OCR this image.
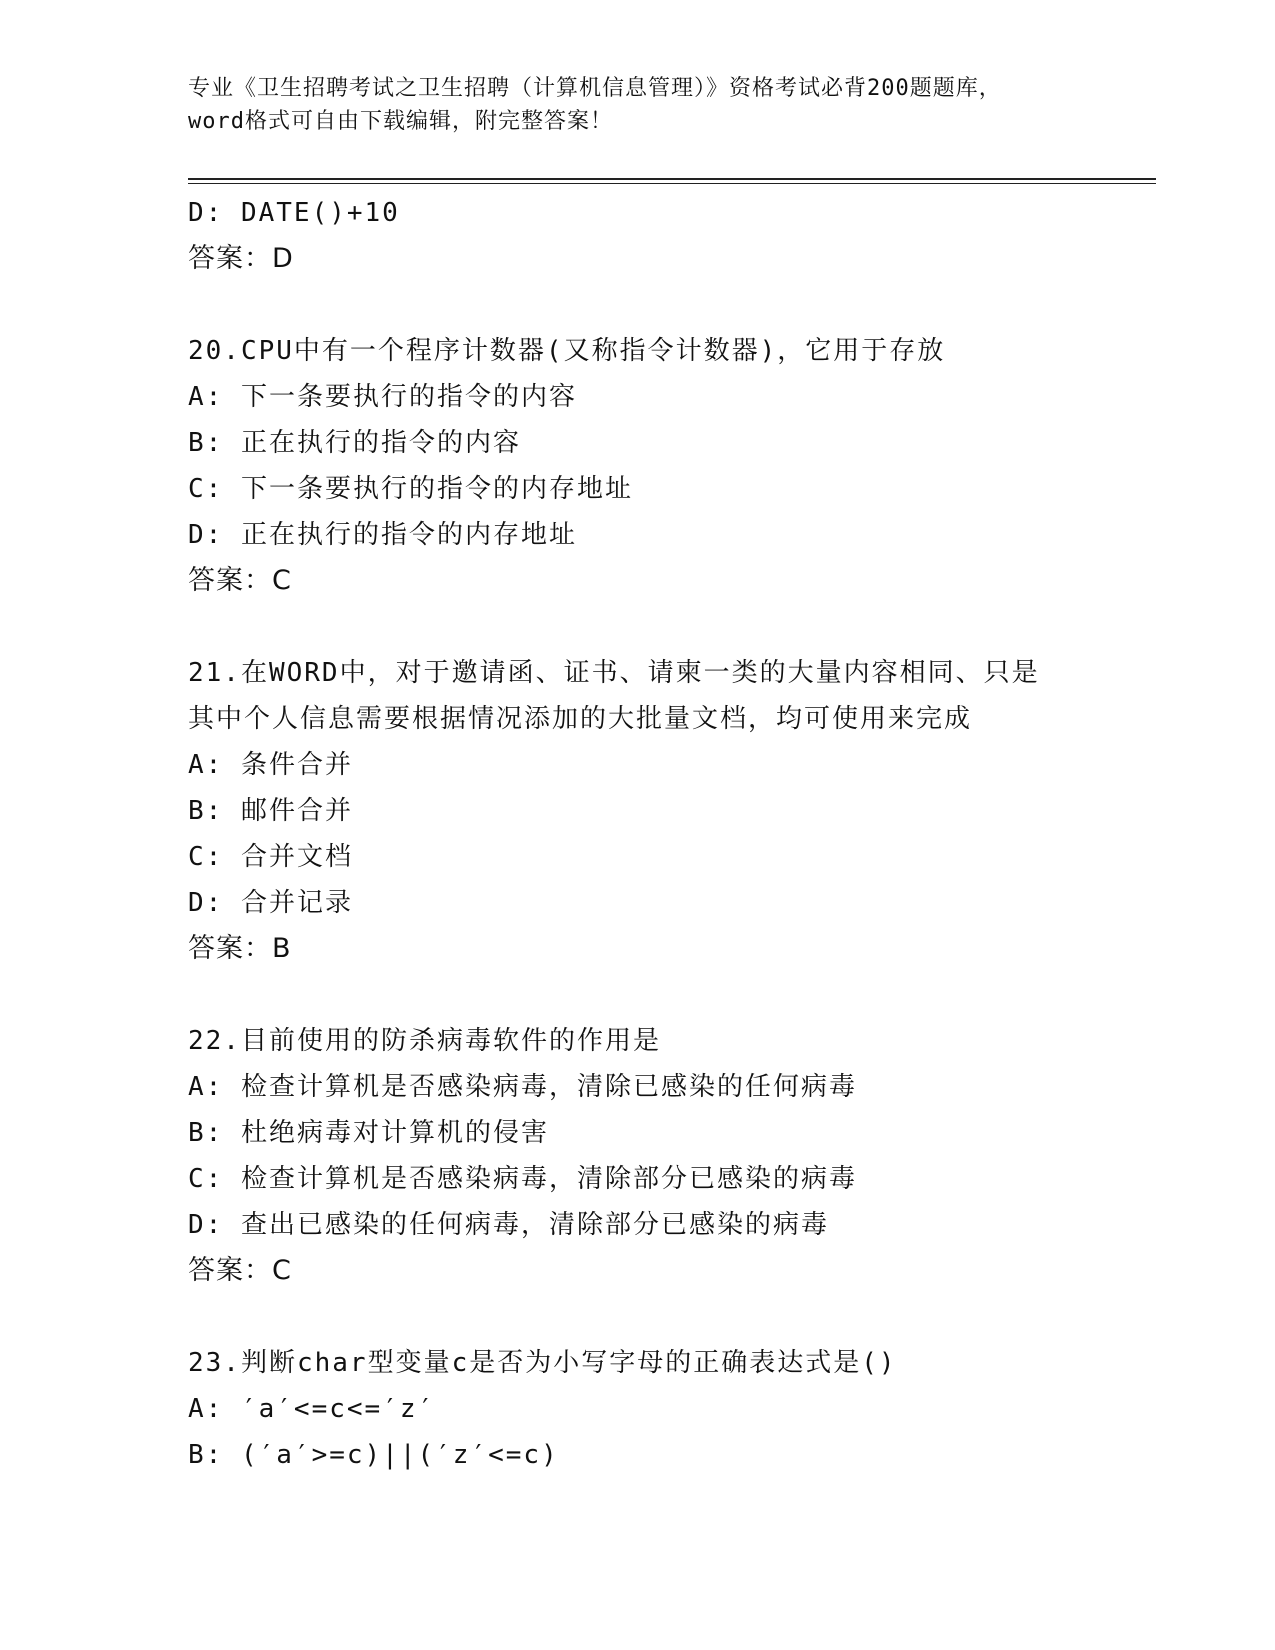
专业《卫生招聘考试之卫生招聘（计算机信息管理）》资格考试必背200题题库，
word格式可自由下载编辑，附完整答案！
D: DATE()+10
答案：D
20.CPU中有一个程序计数器(又称指令计数器)，它用于存放
A: 下一条要执行的指令的内容
B: 正在执行的指令的内容
C: 下一条要执行的指令的内存地址
D: 正在执行的指令的内存地址
答案：C
21.在WORD中，对于邀请函、证书、请柬一类的大量内容相同、只是
其中个人信息需要根据情况添加的大批量文档，均可使用来完成
A: 条件合并
B: 邮件合并
C: 合并文档
D: 合并记录
答案：B
22.目前使用的防杀病毒软件的作用是
A: 检查计算机是否感染病毒，清除已感染的任何病毒
B: 杜绝病毒对计算机的侵害
C: 检查计算机是否感染病毒，清除部分已感染的病毒
D: 查出已感染的任何病毒，清除部分已感染的病毒
答案：C
23.判断char型变量c是否为小写字母的正确表达式是()
A: ′a′<=c<=′z′
B: (′a′>=c)||(′z′<=c)
